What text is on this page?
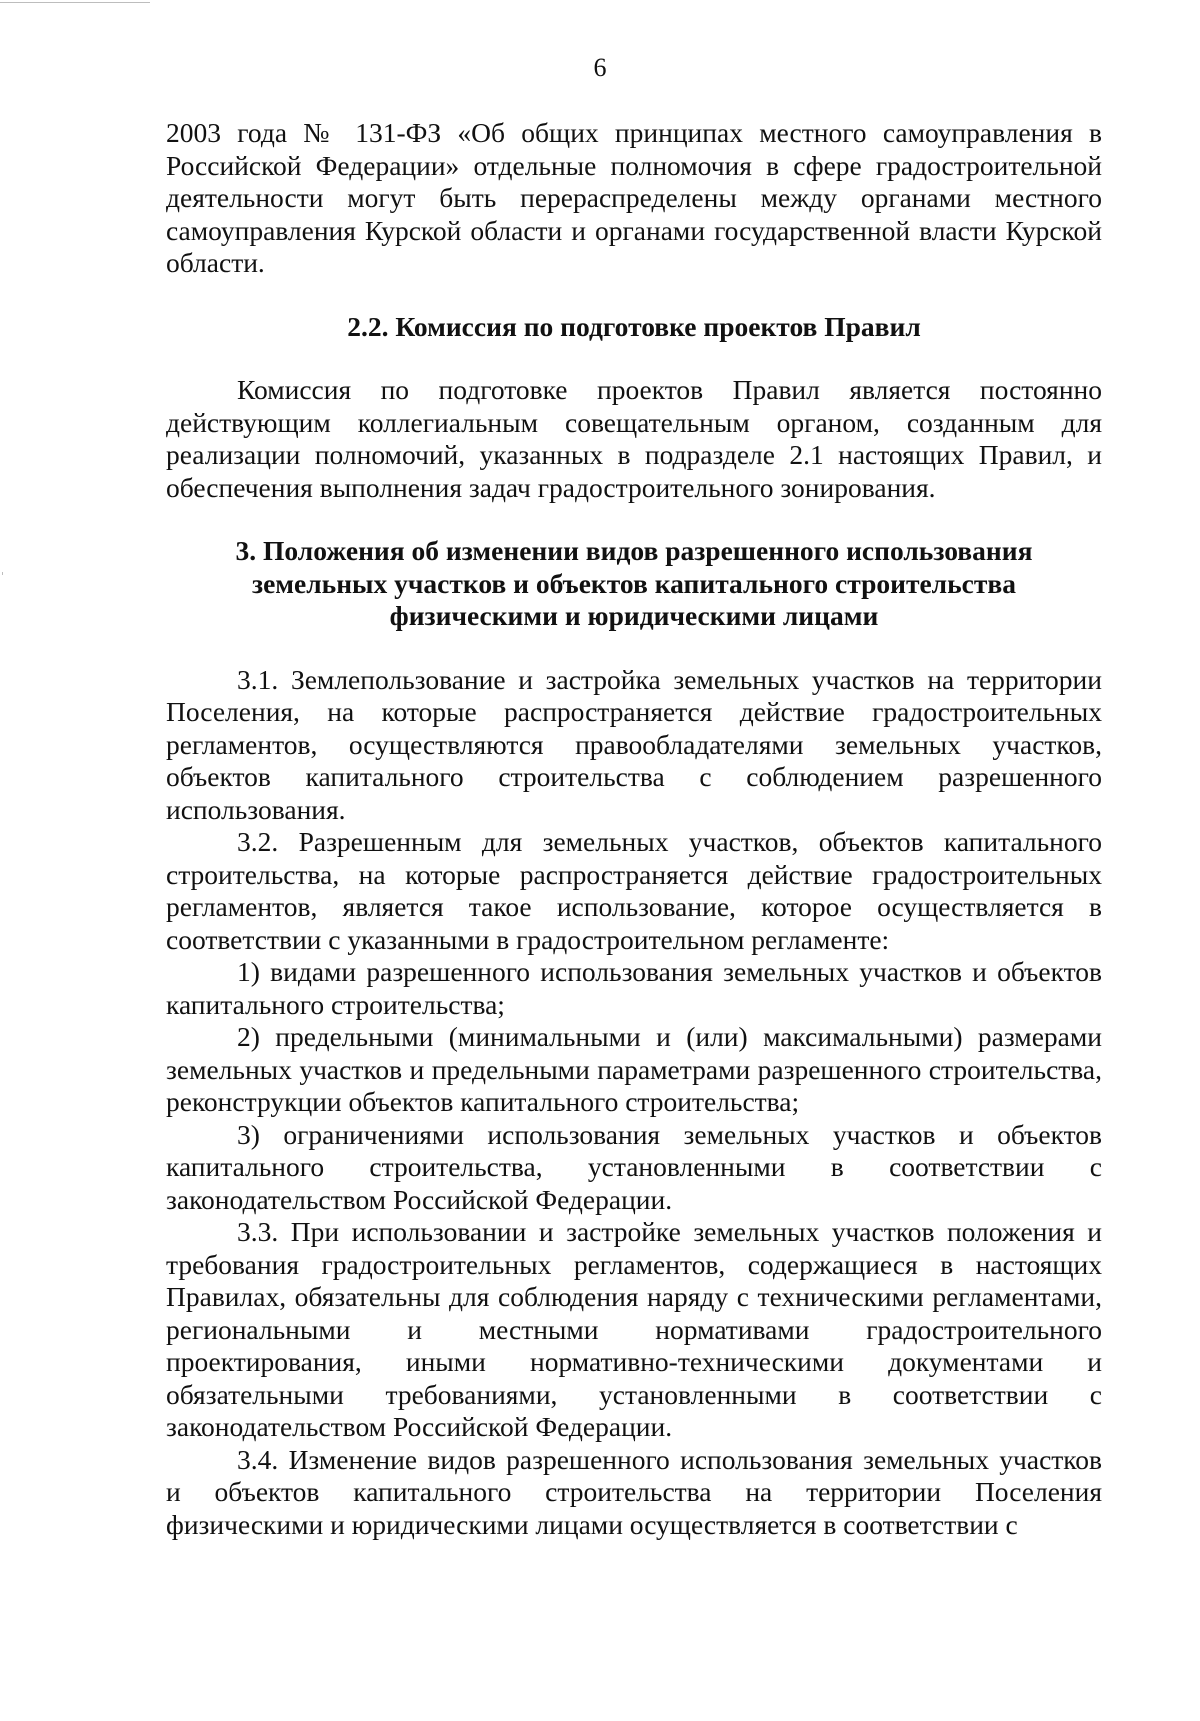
6

2003 года № 131-ФЗ «Об общих принципах местного самоуправления в Российской Федерации» отдельные полномочия в сфере градостроительной деятельности могут быть перераспределены между органами местного самоуправления Курской области и органами государственной власти Курской области.

2.2. Комиссия по подготовке проектов Правил

Комиссия по подготовке проектов Правил является постоянно действующим коллегиальным совещательным органом, созданным для реализации полномочий, указанных в подразделе 2.1 настоящих Правил, и обеспечения выполнения задач градостроительного зонирования.

3. Положения об изменении видов разрешенного использования земельных участков и объектов капитального строительства физическими и юридическими лицами

3.1. Землепользование и застройка земельных участков на территории Поселения, на которые распространяется действие градостроительных регламентов, осуществляются правообладателями земельных участков, объектов капитального строительства с соблюдением разрешенного использования.

3.2. Разрешенным для земельных участков, объектов капитального строительства, на которые распространяется действие градостроительных регламентов, является такое использование, которое осуществляется в соответствии с указанными в градостроительном регламенте:

1) видами разрешенного использования земельных участков и объектов капитального строительства;

2) предельными (минимальными и (или) максимальными) размерами земельных участков и предельными параметрами разрешенного строительства, реконструкции объектов капитального строительства;

3) ограничениями использования земельных участков и объектов капитального строительства, установленными в соответствии с законодательством Российской Федерации.

3.3. При использовании и застройке земельных участков положения и требования градостроительных регламентов, содержащиеся в настоящих Правилах, обязательны для соблюдения наряду с техническими регламентами, региональными и местными нормативами градостроительного проектирования, иными нормативно-техническими документами и обязательными требованиями, установленными в соответствии с законодательством Российской Федерации.

3.4. Изменение видов разрешенного использования земельных участков и объектов капитального строительства на территории Поселения физическими и юридическими лицами осуществляется в соответствии с
